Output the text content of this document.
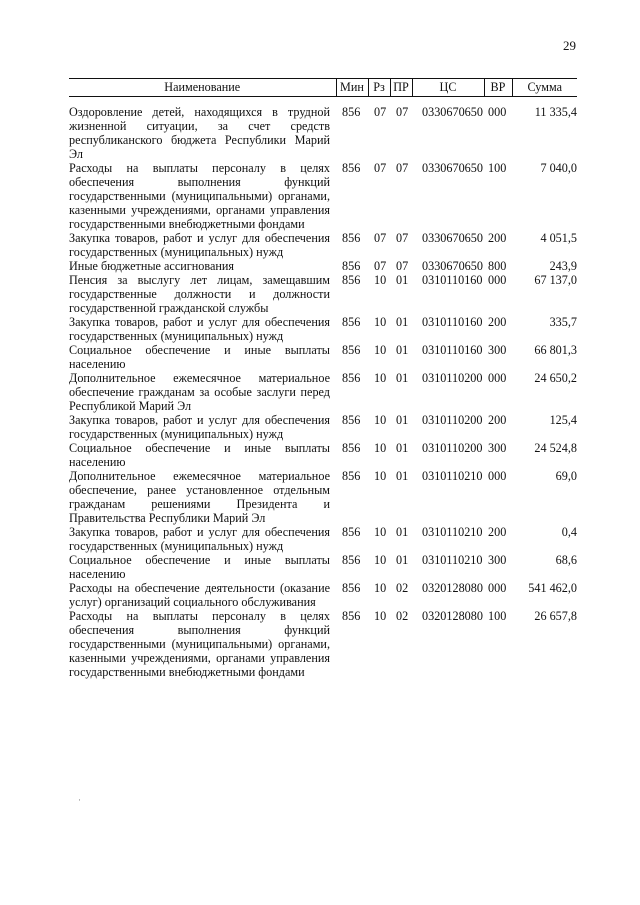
29
Наименование	Мин	Рз	ПР	ЦС	ВР	Сумма
Оздоровление детей, находящихся в трудной жизненной ситуации, за счет средств республиканского бюджета Республики Марий Эл	856	07	07	0330670650	000	11 335,4
Расходы на выплаты персоналу в целях обеспечения выполнения функций государственными (муниципальными) органами, казенными учреждениями, органами управления государственными внебюджетными фондами	856	07	07	0330670650	100	7 040,0
Закупка товаров, работ и услуг для обеспечения государственных (муниципальных) нужд	856	07	07	0330670650	200	4 051,5
Иные бюджетные ассигнования	856	07	07	0330670650	800	243,9
Пенсия за выслугу лет лицам, замещавшим государственные должности и должности государственной гражданской службы	856	10	01	0310110160	000	67 137,0
Закупка товаров, работ и услуг для обеспечения государственных (муниципальных) нужд	856	10	01	0310110160	200	335,7
Социальное обеспечение и иные выплаты населению	856	10	01	0310110160	300	66 801,3
Дополнительное ежемесячное материальное обеспечение гражданам за особые заслуги перед Республикой Марий Эл	856	10	01	0310110200	000	24 650,2
Закупка товаров, работ и услуг для обеспечения государственных (муниципальных) нужд	856	10	01	0310110200	200	125,4
Социальное обеспечение и иные выплаты населению	856	10	01	0310110200	300	24 524,8
Дополнительное ежемесячное материальное обеспечение, ранее установленное отдельным гражданам решениями Президента и Правительства Республики Марий Эл	856	10	01	0310110210	000	69,0
Закупка товаров, работ и услуг для обеспечения государственных (муниципальных) нужд	856	10	01	0310110210	200	0,4
Социальное обеспечение и иные выплаты населению	856	10	01	0310110210	300	68,6
Расходы на обеспечение деятельности (оказание услуг) организаций социального обслуживания	856	10	02	0320128080	000	541 462,0
Расходы на выплаты персоналу в целях обеспечения выполнения функций государственными (муниципальными) органами, казенными учреждениями, органами управления государственными внебюджетными фондами	856	10	02	0320128080	100	26 657,8
·
